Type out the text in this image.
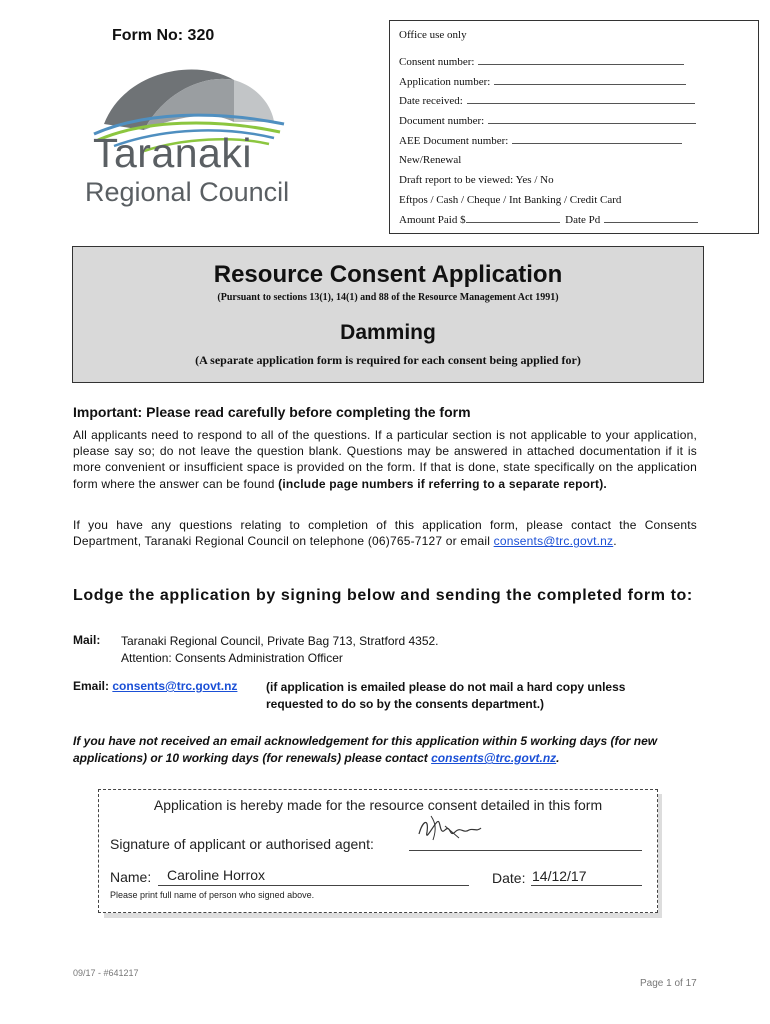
Form No: 320
Taranaki
Regional Council
Office use only
Consent number:
Application number:
Date received:
Document number:
AEE Document number:
New/Renewal
Draft report to be viewed: Yes / No
Eftpos / Cash / Cheque / Int Banking / Credit Card
Amount Paid $	Date Pd
Resource Consent Application
(Pursuant to sections 13(1), 14(1) and 88 of the Resource Management Act 1991)
Damming
(A separate application form is required for each consent being applied for)
Important: Please read carefully before completing the form
All applicants need to respond to all of the questions. If a particular section is not applicable to your application, please say so; do not leave the question blank. Questions may be answered in attached documentation if it is more convenient or insufficient space is provided on the form. If that is done, state specifically on the application form where the answer can be found (include page numbers if referring to a separate report).
If you have any questions relating to completion of this application form, please contact the Consents Department, Taranaki Regional Council on telephone (06)765-7127 or email consents@trc.govt.nz.
Lodge the application by signing below and sending the completed form to:
Mail: Taranaki Regional Council, Private Bag 713, Stratford 4352.
Attention: Consents Administration Officer
Email: consents@trc.govt.nz (if application is emailed please do not mail a hard copy unless
requested to do so by the consents department.)
If you have not received an email acknowledgement for this application within 5 working days (for new applications) or 10 working days (for renewals) please contact consents@trc.govt.nz.
Application is hereby made for the resource consent detailed in this form
Signature of applicant or authorised agent:
Name: Caroline Horrox	Date: 14/12/17
Please print full name of person who signed above.
09/17 - #641217
Page 1 of 17
